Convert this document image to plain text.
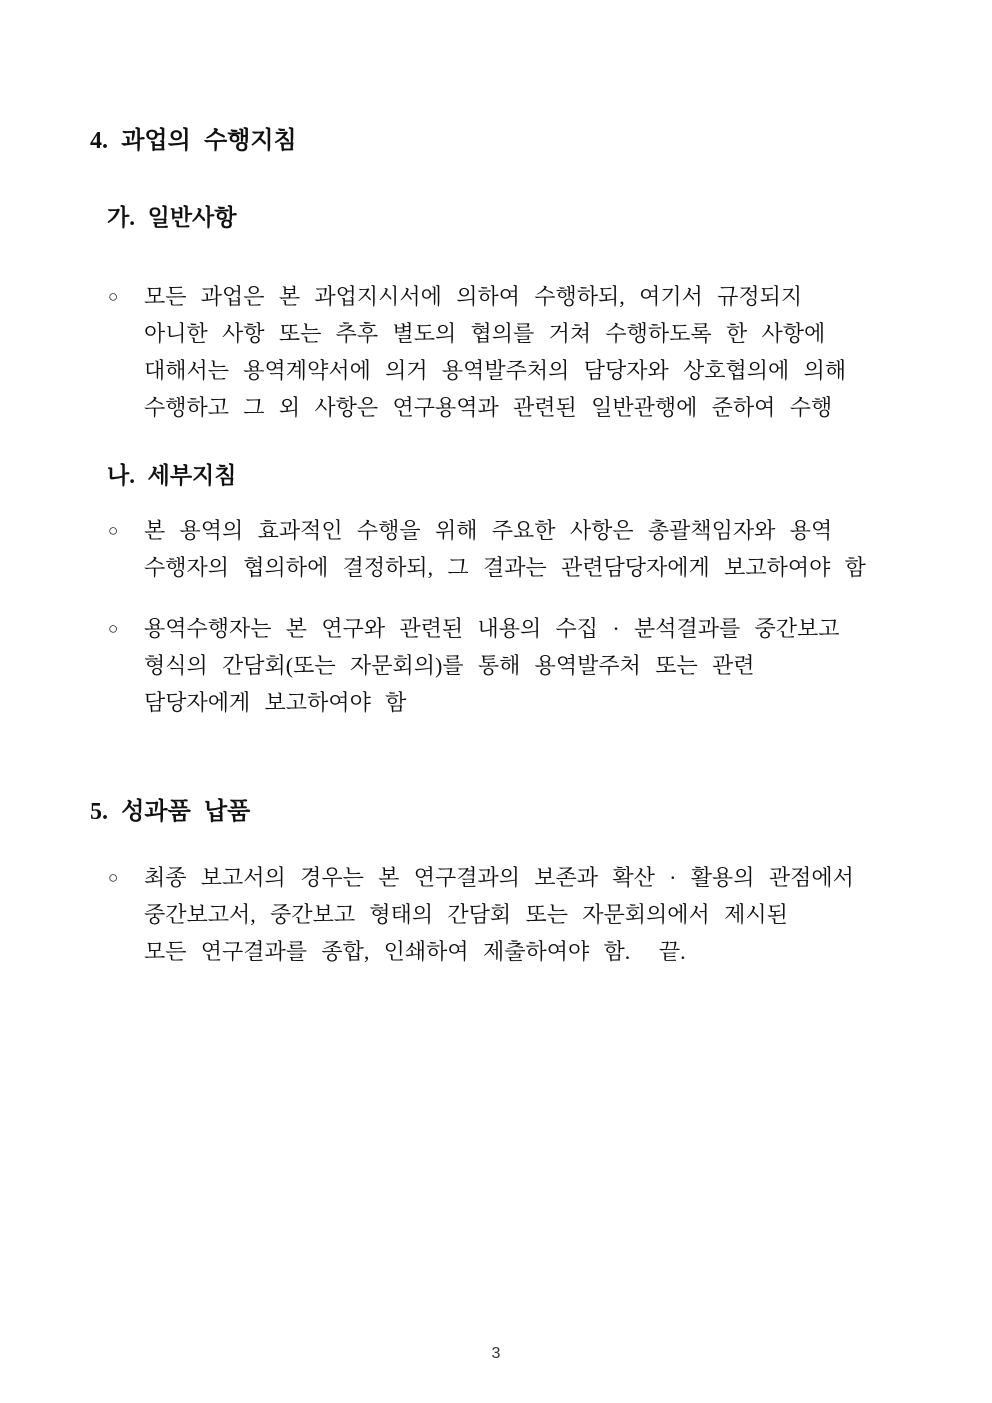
4. 과업의 수행지침
가. 일반사항
○	모든 과업은 본 과업지시서에 의하여 수행하되, 여기서 규정되지
아니한 사항 또는 추후 별도의 협의를 거쳐 수행하도록 한 사항에
대해서는 용역계약서에 의거 용역발주처의 담당자와 상호협의에 의해
수행하고 그 외 사항은 연구용역과 관련된 일반관행에 준하여 수행
나. 세부지침
○	본 용역의 효과적인 수행을 위해 주요한 사항은 총괄책임자와 용역
수행자의 협의하에 결정하되, 그 결과는 관련담당자에게 보고하여야 함
○	용역수행자는 본 연구와 관련된 내용의 수집 · 분석결과를 중간보고
형식의 간담회(또는 자문회의)를 통해 용역발주처 또는 관련
담당자에게 보고하여야 함
5. 성과품 납품
○	최종 보고서의 경우는 본 연구결과의 보존과 확산 · 활용의 관점에서
중간보고서, 중간보고 형태의 간담회 또는 자문회의에서 제시된
모든 연구결과를 종합, 인쇄하여 제출하여야 함.  끝.
3
